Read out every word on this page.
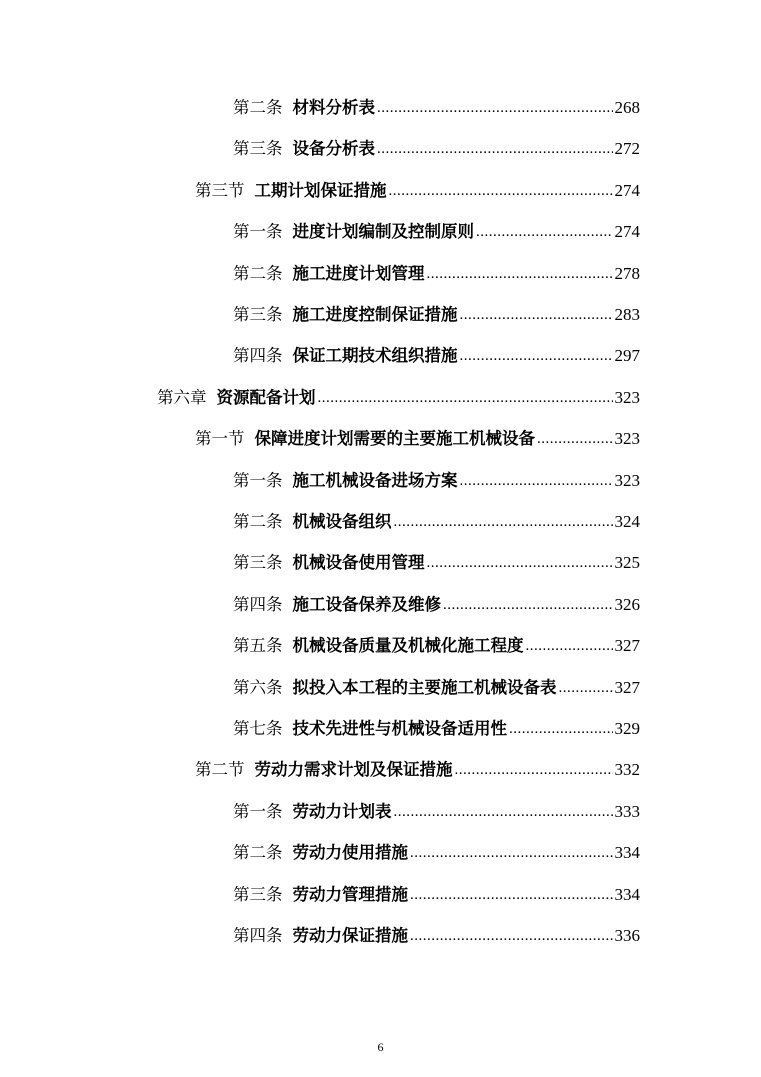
第二条 材料分析表 .....	268
第三条 设备分析表 .....	272
第三节 工期计划保证措施 .....	274
第一条 进度计划编制及控制原则 .....	274
第二条 施工进度计划管理 .....	278
第三条 施工进度控制保证措施 .....	283
第四条 保证工期技术组织措施 .....	297
第六章 资源配备计划 .....	323
第一节 保障进度计划需要的主要施工机械设备 .....	323
第一条 施工机械设备进场方案 .....	323
第二条 机械设备组织 .....	324
第三条 机械设备使用管理 .....	325
第四条 施工设备保养及维修 .....	326
第五条 机械设备质量及机械化施工程度 .....	327
第六条 拟投入本工程的主要施工机械设备表 .....	327
第七条 技术先进性与机械设备适用性 .....	329
第二节 劳动力需求计划及保证措施 .....	332
第一条 劳动力计划表 .....	333
第二条 劳动力使用措施 .....	334
第三条 劳动力管理措施 .....	334
第四条 劳动力保证措施 .....	336
6
